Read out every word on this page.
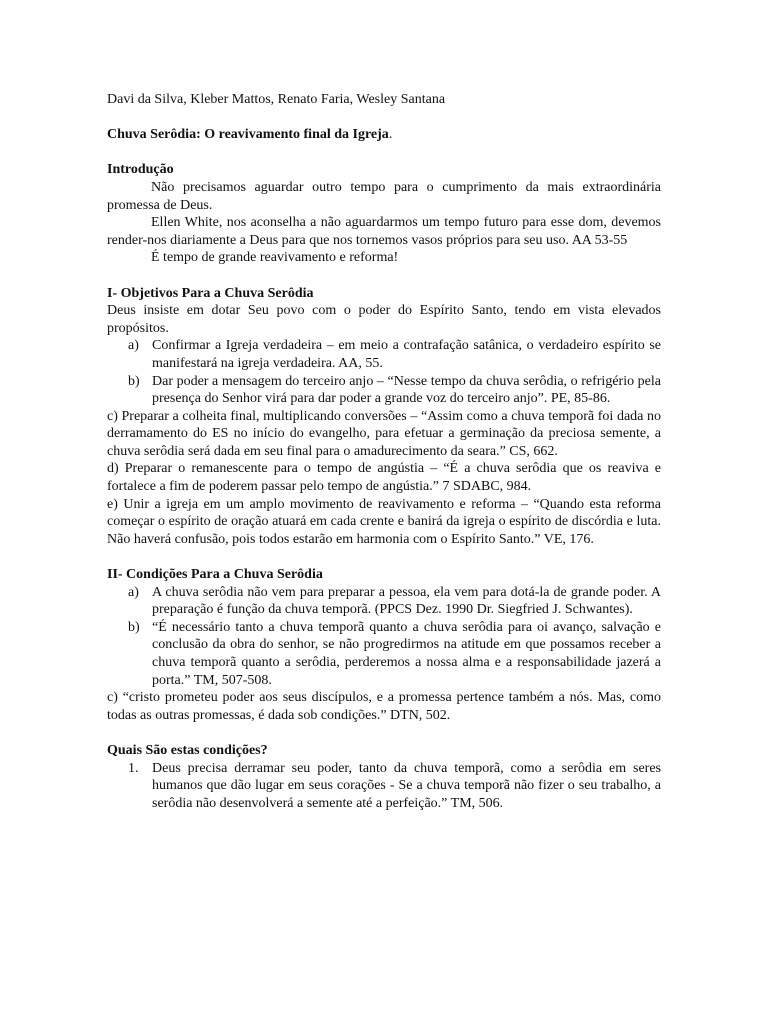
Davi da Silva, Kleber Mattos, Renato Faria, Wesley Santana

Chuva Serôdia: O reavivamento final da Igreja.

Introdução

Não precisamos aguardar outro tempo para o cumprimento da mais extraordinária promessa de Deus.

Ellen White, nos aconselha a não aguardarmos um tempo futuro para esse dom, devemos render-nos diariamente a Deus para que nos tornemos vasos próprios para seu uso. AA 53-55

É tempo de grande reavivamento e reforma!

I- Objetivos Para a Chuva Serôdia

Deus insiste em dotar Seu povo com o poder do Espírito Santo, tendo em vista elevados propósitos.

a) Confirmar a Igreja verdadeira – em meio a contrafação satânica, o verdadeiro espírito se manifestará na igreja verdadeira. AA, 55.
b) Dar poder a mensagem do terceiro anjo – “Nesse tempo da chuva serôdia, o refrigério pela presença do Senhor virá para dar poder a grande voz do terceiro anjo”. PE, 85-86.

c) Preparar a colheita final, multiplicando conversões – “Assim como a chuva temporã foi dada no derramamento do ES no início do evangelho, para efetuar a germinação da preciosa semente, a chuva serôdia será dada em seu final para o amadurecimento da seara.” CS, 662.

d) Preparar o remanescente para o tempo de angústia – “É a chuva serôdia que os reaviva e fortalece a fim de poderem passar pelo tempo de angústia.” 7 SDABC, 984.

e) Unir a igreja em um amplo movimento de reavivamento e reforma – “Quando esta reforma começar o espírito de oração atuará em cada crente e banirá da igreja o espírito de discórdia e luta. Não haverá confusão, pois todos estarão em harmonia com o Espírito Santo.” VE, 176.

II- Condições Para a Chuva Serôdia

a) A chuva serôdia não vem para preparar a pessoa, ela vem para dotá-la de grande poder. A preparação é função da chuva temporã. (PPCS Dez. 1990 Dr. Siegfried J. Schwantes).
b) “É necessário tanto a chuva temporã quanto a chuva serôdia para oi avanço, salvação e conclusão da obra do senhor, se não progredirmos na atitude em que possamos receber a chuva temporã quanto a serôdia, perderemos a nossa alma e a responsabilidade jazerá a porta.” TM, 507-508.

c) “cristo prometeu poder aos seus discípulos, e a promessa pertence também a nós. Mas, como todas as outras promessas, é dada sob condições.” DTN, 502.

Quais São estas condições?

1. Deus precisa derramar seu poder, tanto da chuva temporã, como a serôdia em seres humanos que dão lugar em seus corações - Se a chuva temporã não fizer o seu trabalho, a serôdia não desenvolverá a semente até a perfeição.” TM, 506.
